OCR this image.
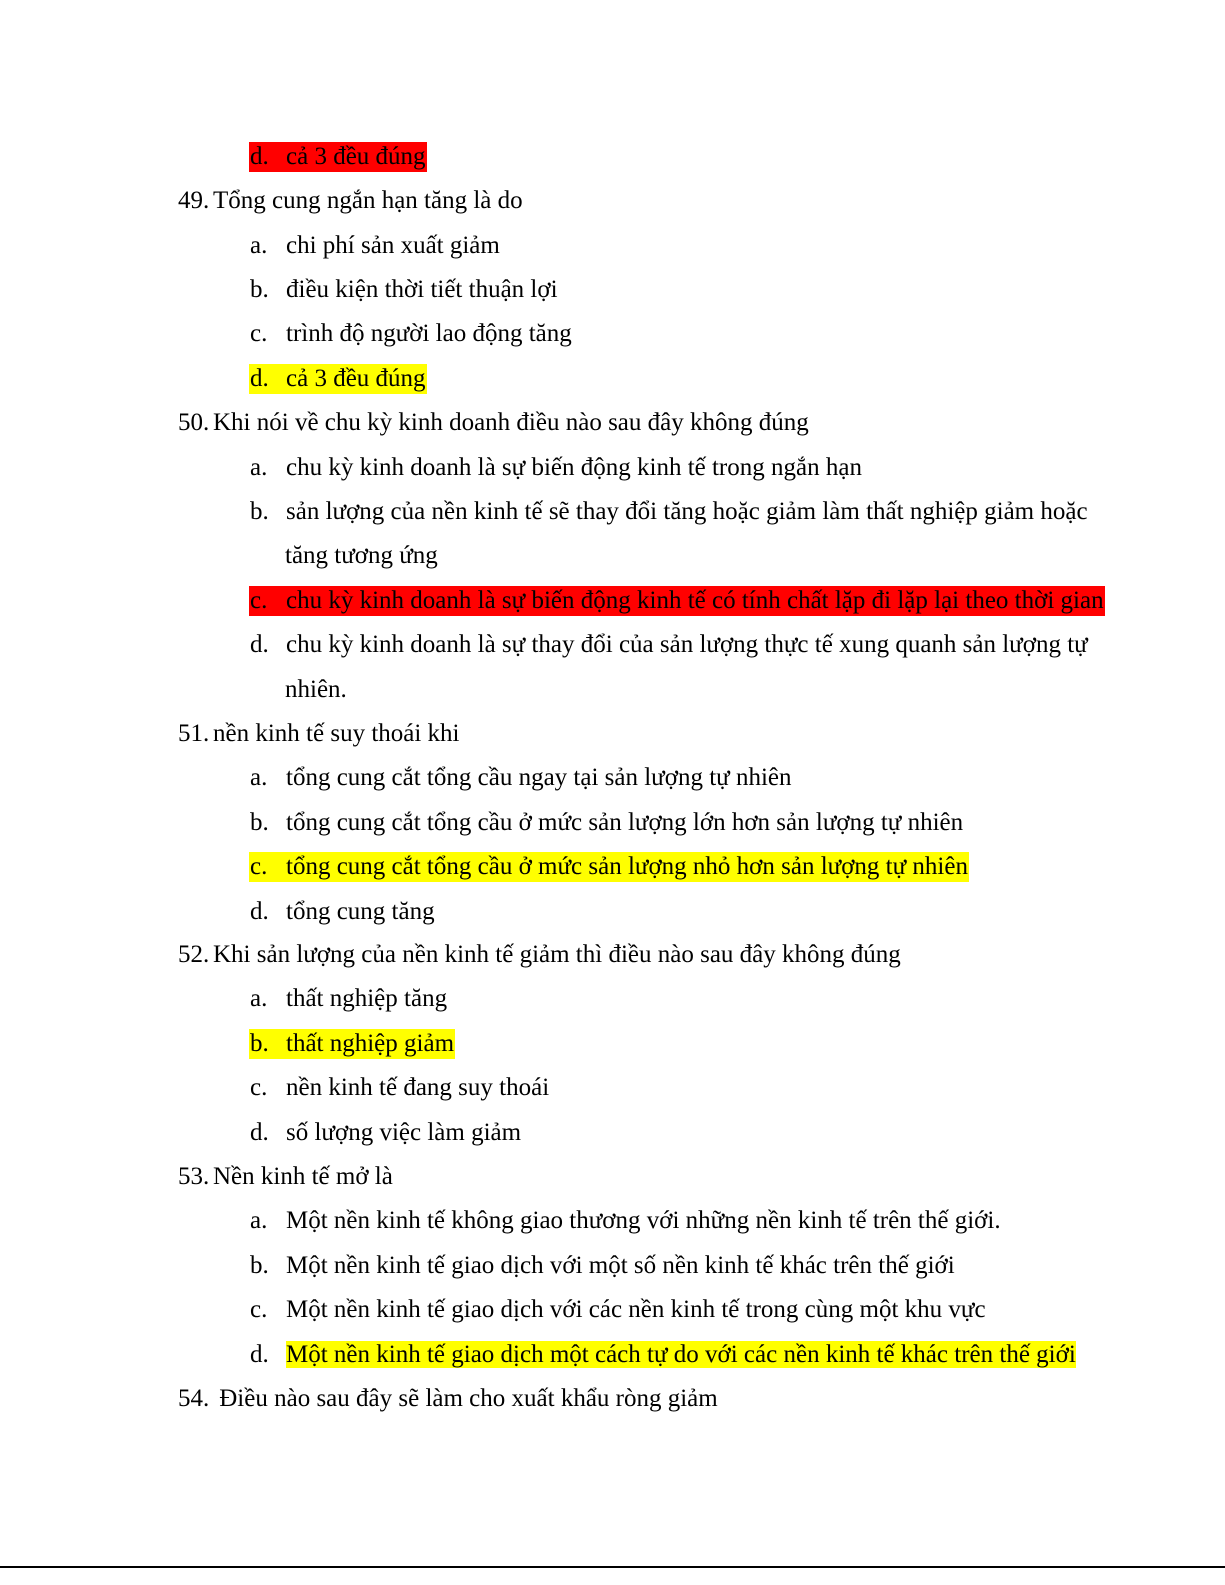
d. cả 3 đều đúng
49. Tổng cung ngắn hạn tăng là do
a. chi phí sản xuất giảm
b. điều kiện thời tiết thuận lợi
c. trình độ người lao động tăng
d. cả 3 đều đúng
50. Khi nói về chu kỳ kinh doanh điều nào sau đây không đúng
a. chu kỳ kinh doanh là sự biến động kinh tế trong ngắn hạn
b. sản lượng của nền kinh tế sẽ thay đổi tăng hoặc giảm làm thất nghiệp giảm hoặc
tăng tương ứng
c. chu kỳ kinh doanh là sự biến động kinh tế có tính chất lặp đi lặp lại theo thời gian
d. chu kỳ kinh doanh là sự thay đổi của sản lượng thực tế xung quanh sản lượng tự
nhiên.
51. nền kinh tế suy thoái khi
a. tổng cung cắt tổng cầu ngay tại sản lượng tự nhiên
b. tổng cung cắt tổng cầu ở mức sản lượng lớn hơn sản lượng tự nhiên
c. tổng cung cắt tổng cầu ở mức sản lượng nhỏ hơn sản lượng tự nhiên
d. tổng cung tăng
52. Khi sản lượng của nền kinh tế giảm thì điều nào sau đây không đúng
a. thất nghiệp tăng
b. thất nghiệp giảm
c. nền kinh tế đang suy thoái
d. số lượng việc làm giảm
53. Nền kinh tế mở là
a. Một nền kinh tế không giao thương với những nền kinh tế trên thế giới.
b. Một nền kinh tế giao dịch với một số nền kinh tế khác trên thế giới
c. Một nền kinh tế giao dịch với các nền kinh tế trong cùng một khu vực
d. Một nền kinh tế giao dịch một cách tự do với các nền kinh tế khác trên thế giới
54. Điều nào sau đây sẽ làm cho xuất khẩu ròng giảm
